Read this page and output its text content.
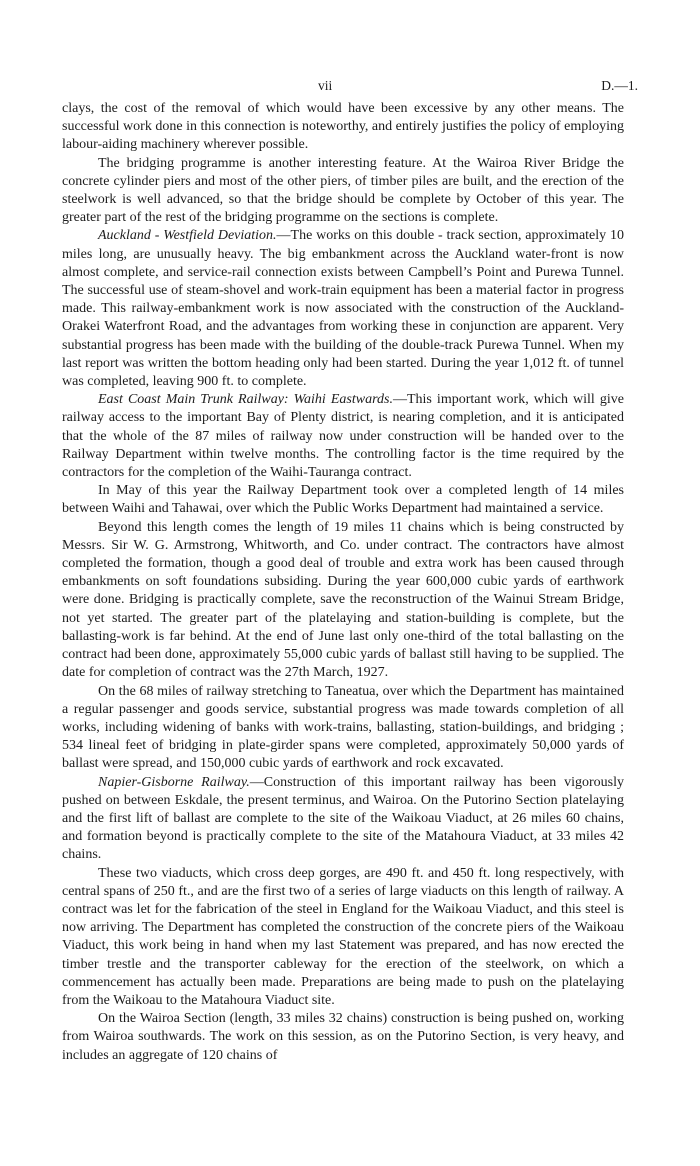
vii	D.—1.

clays, the cost of the removal of which would have been excessive by any other means. The successful work done in this connection is noteworthy, and entirely justifies the policy of employing labour-aiding machinery wherever possible.

The bridging programme is another interesting feature. At the Wairoa River Bridge the concrete cylinder piers and most of the other piers, of timber piles are built, and the erection of the steelwork is well advanced, so that the bridge should be complete by October of this year. The greater part of the rest of the bridging programme on the sections is complete.

Auckland - Westfield Deviation.—The works on this double - track section, approximately 10 miles long, are unusually heavy. The big embankment across the Auckland water-front is now almost complete, and service-rail connection exists between Campbell’s Point and Purewa Tunnel. The successful use of steam-shovel and work-train equipment has been a material factor in progress made. This railway-embankment work is now associated with the construction of the Auckland-Orakei Waterfront Road, and the advantages from working these in conjunction are apparent. Very substantial progress has been made with the building of the double-track Purewa Tunnel. When my last report was written the bottom heading only had been started. During the year 1,012 ft. of tunnel was completed, leaving 900 ft. to complete.

East Coast Main Trunk Railway: Waihi Eastwards.—This important work, which will give railway access to the important Bay of Plenty district, is nearing completion, and it is anticipated that the whole of the 87 miles of railway now under construction will be handed over to the Railway Department within twelve months. The controlling factor is the time required by the contractors for the completion of the Waihi-Tauranga contract.

In May of this year the Railway Department took over a completed length of 14 miles between Waihi and Tahawai, over which the Public Works Department had maintained a service.

Beyond this length comes the length of 19 miles 11 chains which is being constructed by Messrs. Sir W. G. Armstrong, Whitworth, and Co. under contract. The contractors have almost completed the formation, though a good deal of trouble and extra work has been caused through embankments on soft foundations subsiding. During the year 600,000 cubic yards of earthwork were done. Bridging is practically complete, save the reconstruction of the Wainui Stream Bridge, not yet started. The greater part of the platelaying and station-building is complete, but the ballasting-work is far behind. At the end of June last only one-third of the total ballasting on the contract had been done, approximately 55,000 cubic yards of ballast still having to be supplied. The date for completion of contract was the 27th March, 1927.

On the 68 miles of railway stretching to Taneatua, over which the Department has maintained a regular passenger and goods service, substantial progress was made towards completion of all works, including widening of banks with work-trains, ballasting, station-buildings, and bridging ; 534 lineal feet of bridging in plate-girder spans were completed, approximately 50,000 yards of ballast were spread, and 150,000 cubic yards of earthwork and rock excavated.

Napier-Gisborne Railway.—Construction of this important railway has been vigorously pushed on between Eskdale, the present terminus, and Wairoa. On the Putorino Section platelaying and the first lift of ballast are complete to the site of the Waikoau Viaduct, at 26 miles 60 chains, and formation beyond is practically complete to the site of the Matahoura Viaduct, at 33 miles 42 chains.

These two viaducts, which cross deep gorges, are 490 ft. and 450 ft. long respectively, with central spans of 250 ft., and are the first two of a series of large viaducts on this length of railway. A contract was let for the fabrication of the steel in England for the Waikoau Viaduct, and this steel is now arriving. The Department has completed the construction of the concrete piers of the Waikoau Viaduct, this work being in hand when my last Statement was prepared, and has now erected the timber trestle and the transporter cableway for the erection of the steelwork, on which a commencement has actually been made. Preparations are being made to push on the platelaying from the Waikoau to the Matahoura Viaduct site.

On the Wairoa Section (length, 33 miles 32 chains) construction is being pushed on, working from Wairoa southwards. The work on this session, as on the Putorino Section, is very heavy, and includes an aggregate of 120 chains of
